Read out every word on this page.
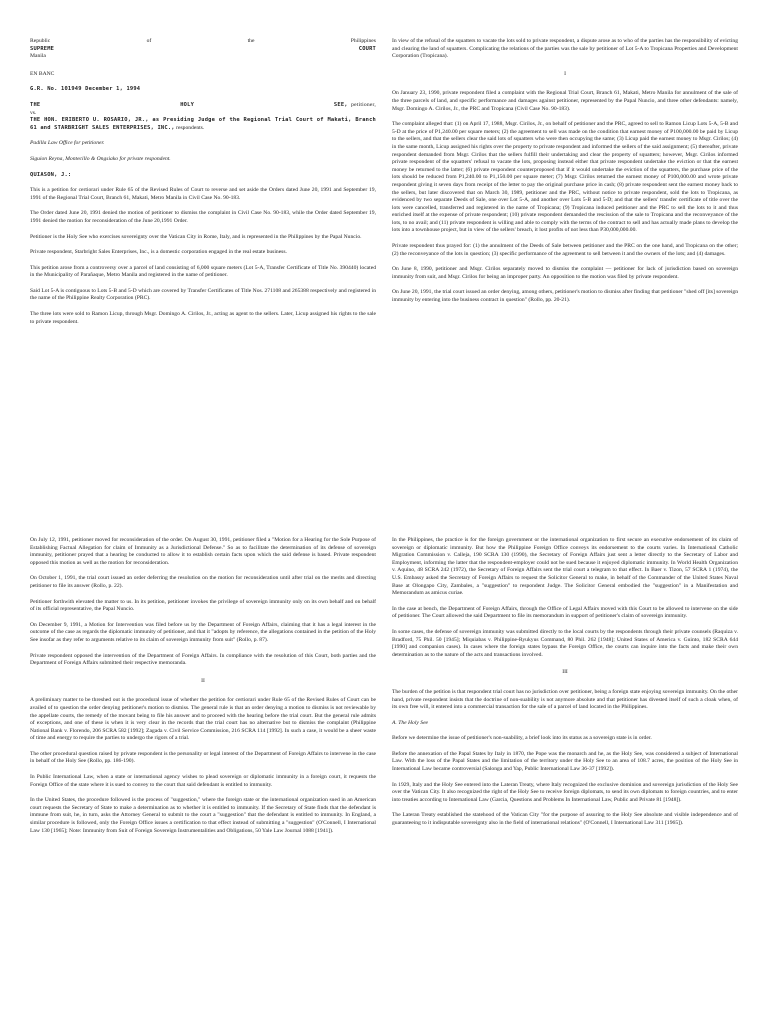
Republic	of	the	Philippines
SUPREME	COURT
Manila

EN BANC

G.R. No. 101949 December 1, 1994

THE	HOLY	SEE, petitioner,
vs.

THE HON. ERIBERTO U. ROSARIO, JR., as Presiding Judge of the Regional Trial Court of Makati, Branch 61 and STARBRIGHT SALES ENTERPRISES, INC., respondents.

Padilla Law Office for petitioner.

Siguion Reyna, Montecillo & Ongsiako for private respondent.

QUIASON, J.:

This is a petition for certiorari under Rule 65 of the Revised Rules of Court to reverse and set aside the Orders dated June 20, 1991 and September 19, 1991 of the Regional Trial Court, Branch 61, Makati, Metro Manila in Civil Case No. 90-183.

The Order dated June 20, 1991 denied the motion of petitioner to dismiss the complaint in Civil Case No. 90-183, while the Order dated September 19, 1991 denied the motion for reconsideration of the June 20,1991 Order.

Petitioner is the Holy See who exercises sovereignty over the Vatican City in Rome, Italy, and is represented in the Philippines by the Papal Nuncio.

Private respondent, Starbright Sales Enterprises, Inc., is a domestic corporation engaged in the real estate business.

This petition arose from a controversy over a parcel of land consisting of 6,000 square meters (Lot 5-A, Transfer Certificate of Title No. 390440) located in the Municipality of Parañaque, Metro Manila and registered in the name of petitioner.

Said Lot 5-A is contiguous to Lots 5-B and 5-D which are covered by Transfer Certificates of Title Nos. 271108 and 265388 respectively and registered in the name of the Philippine Realty Corporation (PRC).

The three lots were sold to Ramon Licup, through Msgr. Domingo A. Cirilos, Jr., acting as agent to the sellers. Later, Licup assigned his rights to the sale to private respondent.

In view of the refusal of the squatters to vacate the lots sold to private respondent, a dispute arose as to who of the parties has the responsibility of evicting and clearing the land of squatters. Complicating the relations of the parties was the sale by petitioner of Lot 5-A to Tropicana Properties and Development Corporation (Tropicana).

I

On January 23, 1990, private respondent filed a complaint with the Regional Trial Court, Branch 61, Makati, Metro Manila for annulment of the sale of the three parcels of land, and specific performance and damages against petitioner, represented by the Papal Nuncio, and three other defendants: namely, Msgr. Domingo A. Cirilos, Jr., the PRC and Tropicana (Civil Case No. 90-183).

The complaint alleged that: (1) on April 17, 1988, Msgr. Cirilos, Jr., on behalf of petitioner and the PRC, agreed to sell to Ramon Licup Lots 5-A, 5-B and 5-D at the price of P1,240.00 per square meters; (2) the agreement to sell was made on the condition that earnest money of P100,000.00 be paid by Licup to the sellers, and that the sellers clear the said lots of squatters who were then occupying the same; (3) Licup paid the earnest money to Msgr. Cirilos; (4) in the same month, Licup assigned his rights over the property to private respondent and informed the sellers of the said assignment; (5) thereafter, private respondent demanded from Msgr. Cirilos that the sellers fulfill their undertaking and clear the property of squatters; however, Msgr. Cirilos informed private respondent of the squatters' refusal to vacate the lots, proposing instead either that private respondent undertake the eviction or that the earnest money be returned to the latter; (6) private respondent counterproposed that if it would undertake the eviction of the squatters, the purchase price of the lots should be reduced from P1,240.00 to P1,150.00 per square meter; (7) Msgr. Cirilos returned the earnest money of P100,000.00 and wrote private respondent giving it seven days from receipt of the letter to pay the original purchase price in cash; (8) private respondent sent the earnest money back to the sellers, but later discovered that on March 30, 1989, petitioner and the PRC, without notice to private respondent, sold the lots to Tropicana, as evidenced by two separate Deeds of Sale, one over Lot 5-A, and another over Lots 5-B and 5-D; and that the sellers' transfer certificate of title over the lots were cancelled, transferred and registered in the name of Tropicana; (9) Tropicana induced petitioner and the PRC to sell the lots to it and thus enriched itself at the expense of private respondent; (10) private respondent demanded the rescission of the sale to Tropicana and the reconveyance of the lots, to no avail; and (11) private respondent is willing and able to comply with the terms of the contract to sell and has actually made plans to develop the lots into a townhouse project, but in view of the sellers' breach, it lost profits of not less than P30,000,000.00.

Private respondent thus prayed for: (1) the annulment of the Deeds of Sale between petitioner and the PRC on the one hand, and Tropicana on the other; (2) the reconveyance of the lots in question; (3) specific performance of the agreement to sell between it and the owners of the lots; and (4) damages.

On June 8, 1990, petitioner and Msgr. Cirilos separately moved to dismiss the complaint — petitioner for lack of jurisdiction based on sovereign immunity from suit, and Msgr. Cirilos for being an improper party. An opposition to the motion was filed by private respondent.

On June 20, 1991, the trial court issued an order denying, among others, petitioner's motion to dismiss after finding that petitioner "shed off [its] sovereign immunity by entering into the business contract in question" (Rollo, pp. 20-21).

On July 12, 1991, petitioner moved for reconsideration of the order. On August 30, 1991, petitioner filed a "Motion for a Hearing for the Sole Purpose of Establishing Factual Allegation for claim of Immunity as a Jurisdictional Defense." So as to facilitate the determination of its defense of sovereign immunity, petitioner prayed that a hearing be conducted to allow it to establish certain facts upon which the said defense is based. Private respondent opposed this motion as well as the motion for reconsideration.

On October 1, 1991, the trial court issued an order deferring the resolution on the motion for reconsideration until after trial on the merits and directing petitioner to file its answer (Rollo, p. 22).

Petitioner forthwith elevated the matter to us. In its petition, petitioner invokes the privilege of sovereign immunity only on its own behalf and on behalf of its official representative, the Papal Nuncio.

On December 9, 1991, a Motion for Intervention was filed before us by the Department of Foreign Affairs, claiming that it has a legal interest in the outcome of the case as regards the diplomatic immunity of petitioner, and that it "adopts by reference, the allegations contained in the petition of the Holy See insofar as they refer to arguments relative to its claim of sovereign immunity from suit" (Rollo, p. 87).

Private respondent opposed the intervention of the Department of Foreign Affairs. In compliance with the resolution of this Court, both parties and the Department of Foreign Affairs submitted their respective memoranda.

II

A preliminary matter to be threshed out is the procedural issue of whether the petition for certiorari under Rule 65 of the Revised Rules of Court can be availed of to question the order denying petitioner's motion to dismiss. The general rule is that an order denying a motion to dismiss is not reviewable by the appellate courts, the remedy of the movant being to file his answer and to proceed with the hearing before the trial court. But the general rule admits of exceptions, and one of these is when it is very clear in the records that the trial court has no alternative but to dismiss the complaint (Philippine National Bank v. Florendo, 206 SCRA 582 [1992]; Zagada v. Civil Service Commission, 216 SCRA 114 [1992]. In such a case, it would be a sheer waste of time and energy to require the parties to undergo the rigors of a trial.

The other procedural question raised by private respondent is the personality or legal interest of the Department of Foreign Affairs to intervene in the case in behalf of the Holy See (Rollo, pp. 186-190).

In Public International Law, when a state or international agency wishes to plead sovereign or diplomatic immunity in a foreign court, it requests the Foreign Office of the state where it is sued to convey to the court that said defendant is entitled to immunity.

In the United States, the procedure followed is the process of "suggestion," where the foreign state or the international organization sued in an American court requests the Secretary of State to make a determination as to whether it is entitled to immunity. If the Secretary of State finds that the defendant is immune from suit, he, in turn, asks the Attorney General to submit to the court a "suggestion" that the defendant is entitled to immunity. In England, a similar procedure is followed, only the Foreign Office issues a certification to that effect instead of submitting a "suggestion" (O'Connell, I International Law 130 [1965]; Note: Immunity from Suit of Foreign Sovereign Instrumentalities and Obligations, 50 Yale Law Journal 1088 [1941]).

In the Philippines, the practice is for the foreign government or the international organization to first secure an executive endorsement of its claim of sovereign or diplomatic immunity. But how the Philippine Foreign Office conveys its endorsement to the courts varies. In International Catholic Migration Commission v. Calleja, 190 SCRA 130 (1990), the Secretary of Foreign Affairs just sent a letter directly to the Secretary of Labor and Employment, informing the latter that the respondent-employer could not be sued because it enjoyed diplomatic immunity. In World Health Organization v. Aquino, 48 SCRA 242 (1972), the Secretary of Foreign Affairs sent the trial court a telegram to that effect. In Baer v. Tizon, 57 SCRA 1 (1974), the U.S. Embassy asked the Secretary of Foreign Affairs to request the Solicitor General to make, in behalf of the Commander of the United States Naval Base at Olongapo City, Zambales, a "suggestion" to respondent Judge. The Solicitor General embodied the "suggestion" in a Manifestation and Memorandum as amicus curiae.

In the case at bench, the Department of Foreign Affairs, through the Office of Legal Affairs moved with this Court to be allowed to intervene on the side of petitioner. The Court allowed the said Department to file its memorandum in support of petitioner's claim of sovereign immunity.

In some cases, the defense of sovereign immunity was submitted directly to the local courts by the respondents through their private counsels (Raquiza v. Bradford, 75 Phil. 50 [1945]; Miquiabas v. Philippine-Ryukyus Command, 80 Phil. 262 [1948]; United States of America v. Guinto, 182 SCRA 644 [1990] and companion cases). In cases where the foreign states bypass the Foreign Office, the courts can inquire into the facts and make their own determination as to the nature of the acts and transactions involved.

III

The burden of the petition is that respondent trial court has no jurisdiction over petitioner, being a foreign state enjoying sovereign immunity. On the other hand, private respondent insists that the doctrine of non-suability is not anymore absolute and that petitioner has divested itself of such a cloak when, of its own free will, it entered into a commercial transaction for the sale of a parcel of land located in the Philippines.

A. The Holy See

Before we determine the issue of petitioner's non-suability, a brief look into its status as a sovereign state is in order.

Before the annexation of the Papal States by Italy in 1870, the Pope was the monarch and he, as the Holy See, was considered a subject of International Law. With the loss of the Papal States and the limitation of the territory under the Holy See to an area of 108.7 acres, the position of the Holy See in International Law became controversial (Salonga and Yap, Public International Law 36-37 [1992]).

In 1929, Italy and the Holy See entered into the Lateran Treaty, where Italy recognized the exclusive dominion and sovereign jurisdiction of the Holy See over the Vatican City. It also recognized the right of the Holy See to receive foreign diplomats, to send its own diplomats to foreign countries, and to enter into treaties according to International Law (Garcia, Questions and Problems In International Law, Public and Private 81 [1948]).

The Lateran Treaty established the statehood of the Vatican City "for the purpose of assuring to the Holy See absolute and visible independence and of guaranteeing to it indisputable sovereignty also in the field of international relations" (O'Connell, I International Law 311 [1965]).
